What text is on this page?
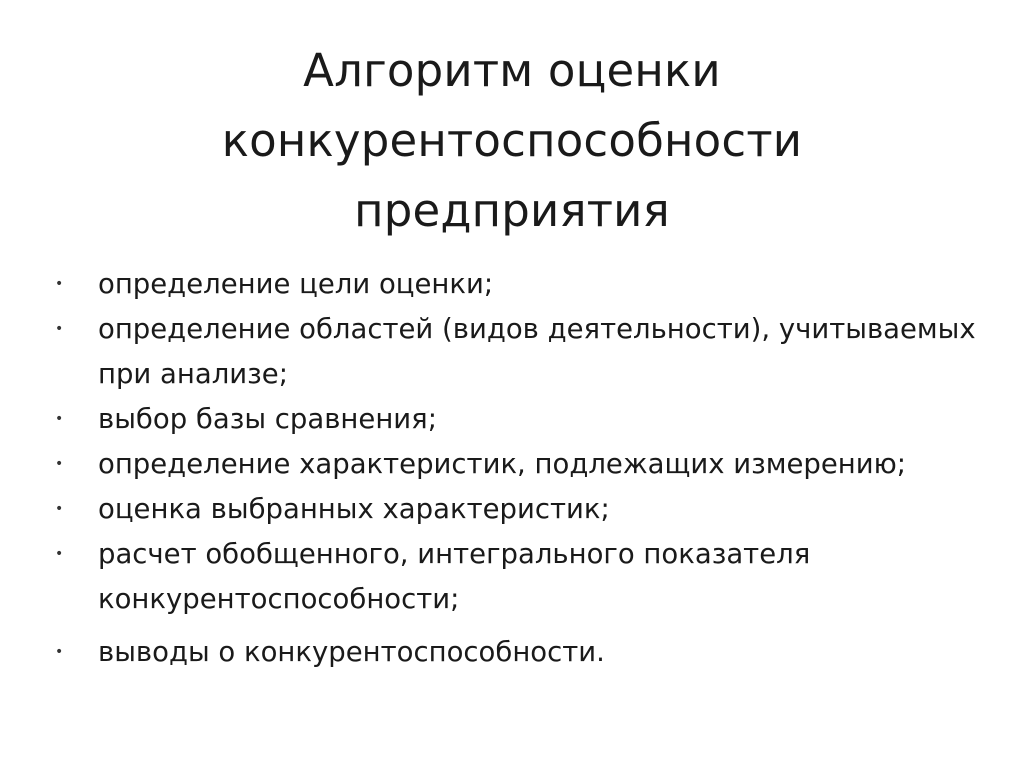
Алгоритм оценки
конкурентоспособности
предприятия
• определение цели оценки;
• определение областей (видов деятельности), учитываемых при анализе;
• выбор базы сравнения;
• определение характеристик, подлежащих измерению;
• оценка выбранных характеристик;
• расчет обобщенного, интегрального показателя конкурентоспособности;
• выводы о конкурентоспособности.
